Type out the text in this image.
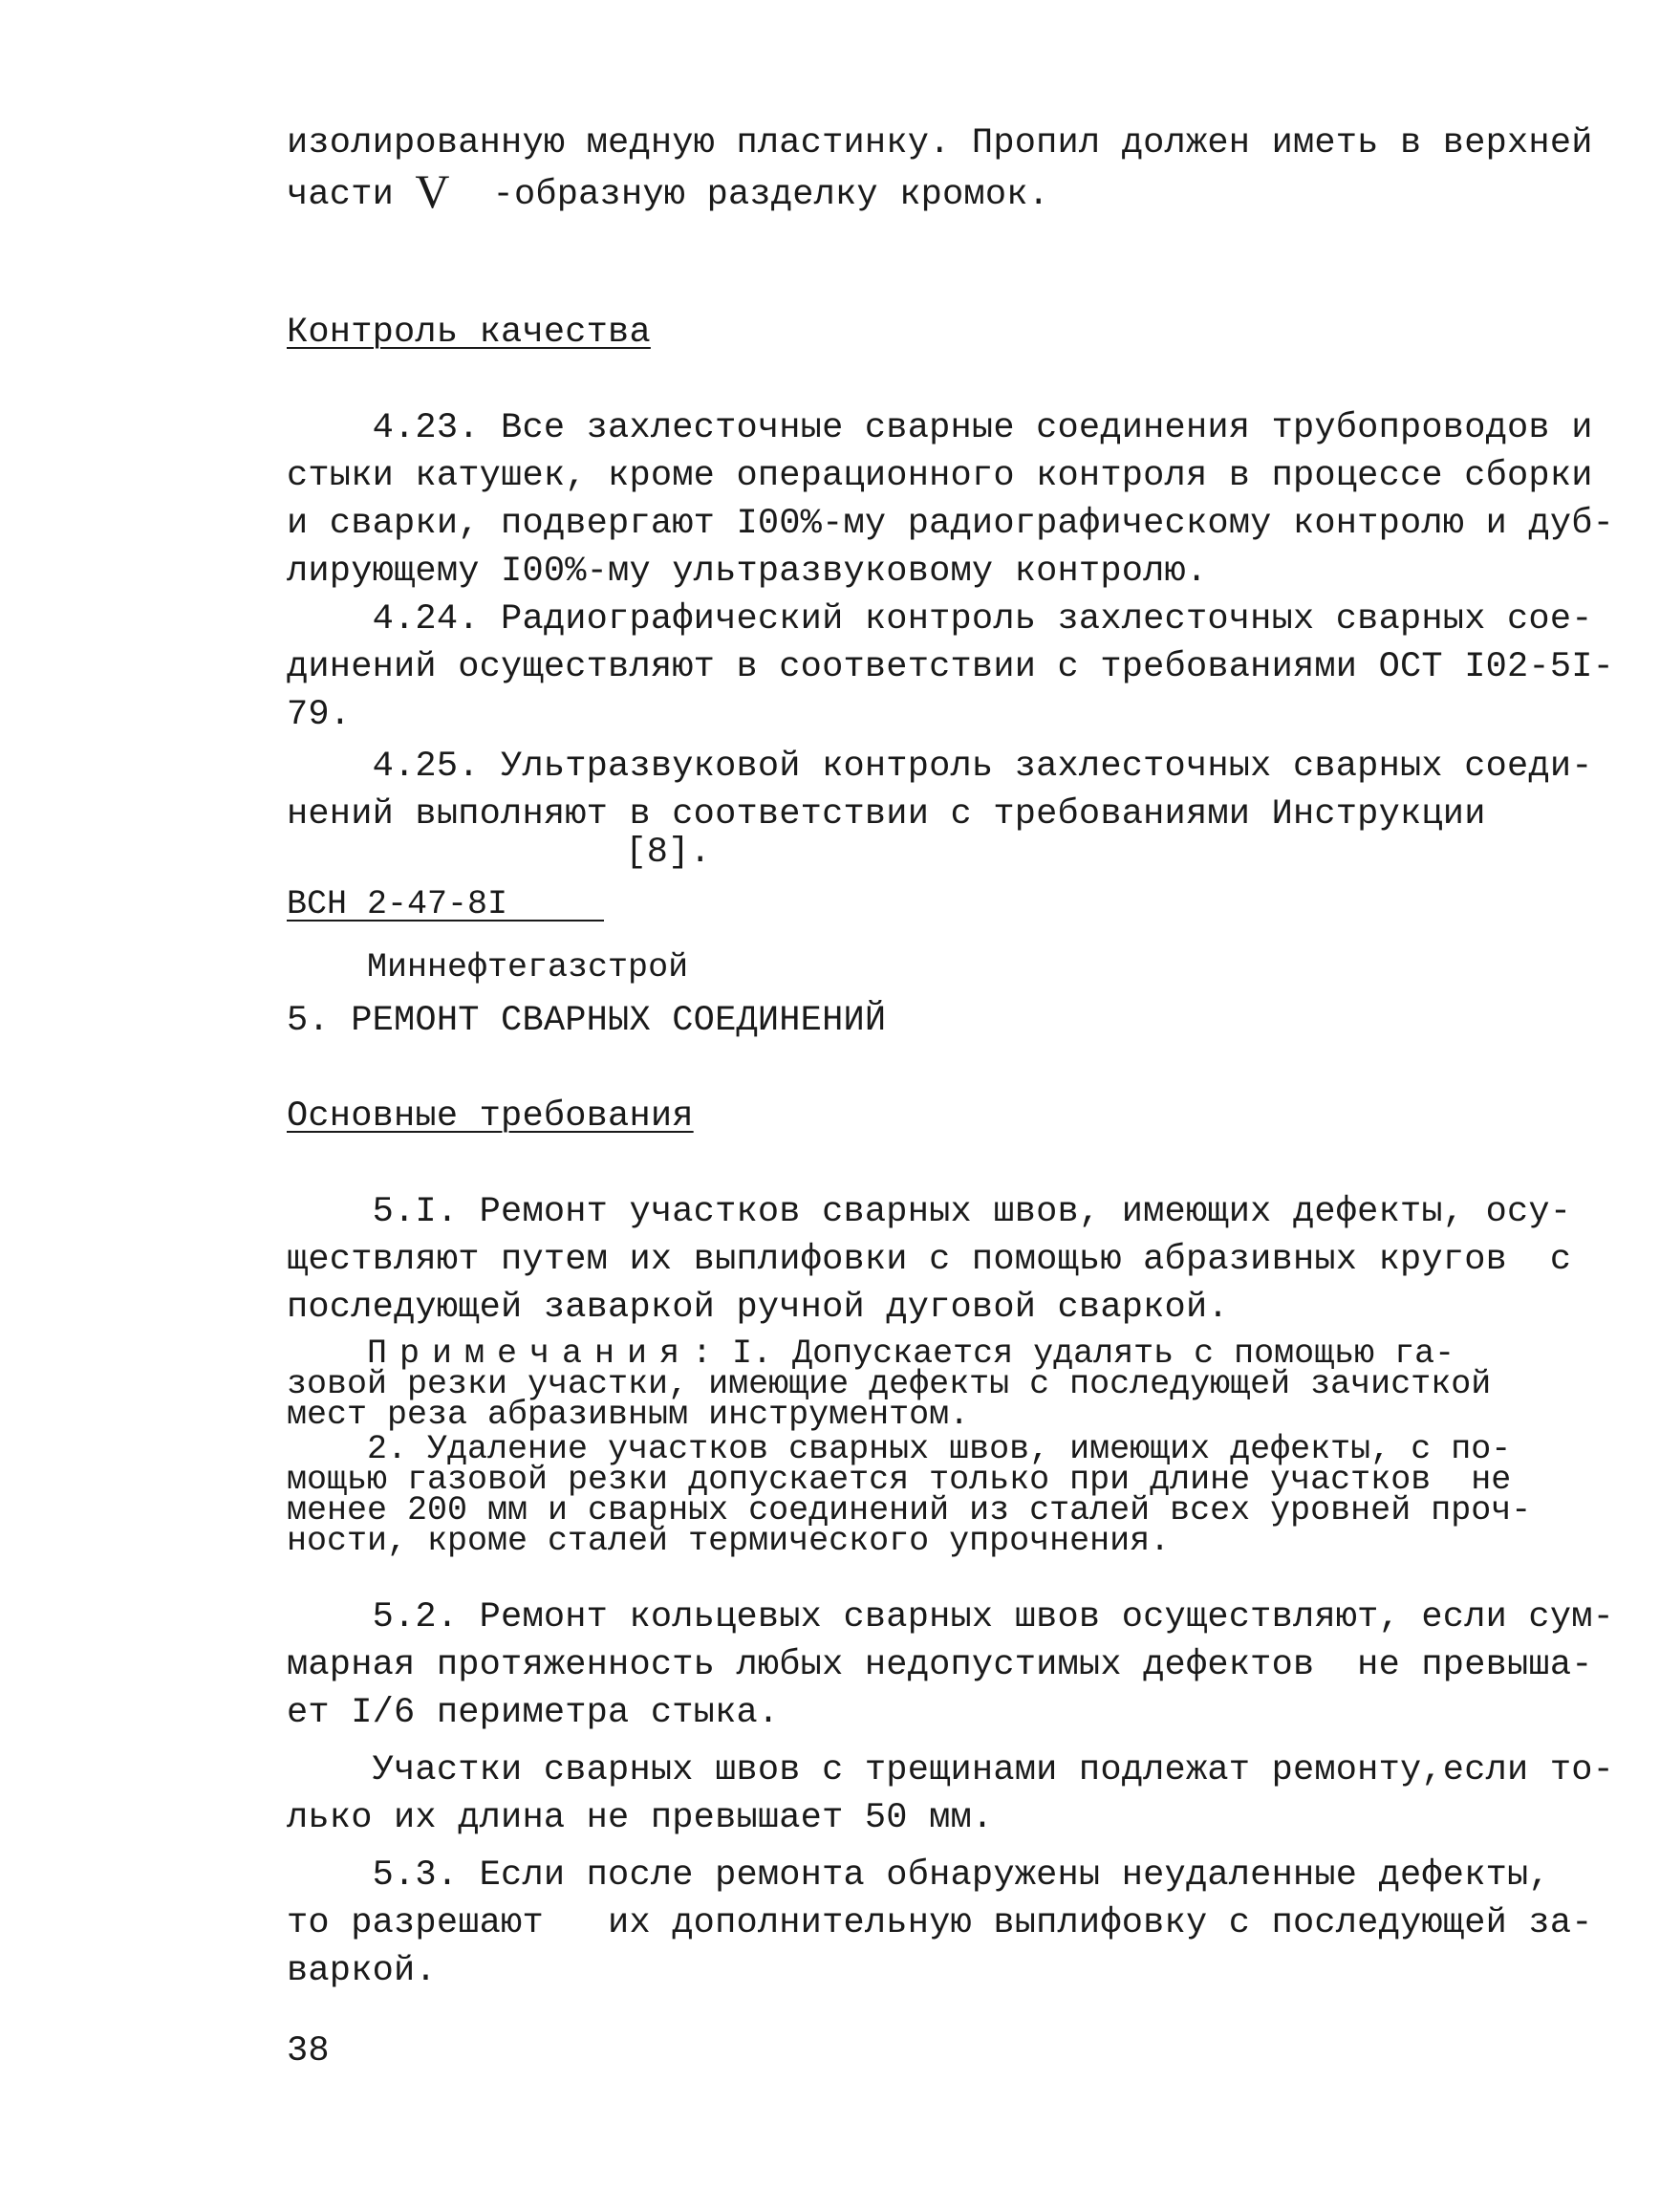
изолированную медную пластинку. Пропил должен иметь в верхней
части V  -образную разделку кромок.
Контроль качества
4.23. Все захлесточные сварные соединения трубопроводов и
стыки катушек, кроме операционного контроля в процессе сборки
и сварки, подвергают I00%-му радиографическому контролю и дуб-
лирующему I00%-му ультразвуковому контролю.
4.24. Радиографический контроль захлесточных сварных сое-
динений осуществляют в соответствии с требованиями ОСТ I02-5I-
79.
4.25. Ультразвуковой контроль захлесточных сварных соеди-
нений выполняют в соответствии с требованиями Инструкции

ВСН 2-47-8I

Миннефтегазстрой

[8].
5. РЕМОНТ СВАРНЫХ СОЕДИНЕНИЙ
Основные требования
5.I. Ремонт участков сварных швов, имеющих дефекты, осу-
ществляют путем их выплифовки с помощью абразивных кругов  с
последующей заваркой ручной дуговой сваркой.
Примечания: I. Допускается удалять с помощью га-
зовой резки участки, имеющие дефекты с последующей зачисткой
мест реза абразивным инструментом.
2. Удаление участков сварных швов, имеющих дефекты, с по-
мощью газовой резки допускается только при длине участков  не
менее 200 мм и сварных соединений из сталей всех уровней проч-
ности, кроме сталей термического упрочнения.
5.2. Ремонт кольцевых сварных швов осуществляют, если сум-
марная протяженность любых недопустимых дефектов  не превыша-
ет I/6 периметра стыка.
Участки сварных швов с трещинами подлежат ремонту,если то-
лько их длина не превышает 50 мм.
5.3. Если после ремонта обнаружены неудаленные дефекты,
то разрешают   их дополнительную выплифовку с последующей за-
варкой.
38
